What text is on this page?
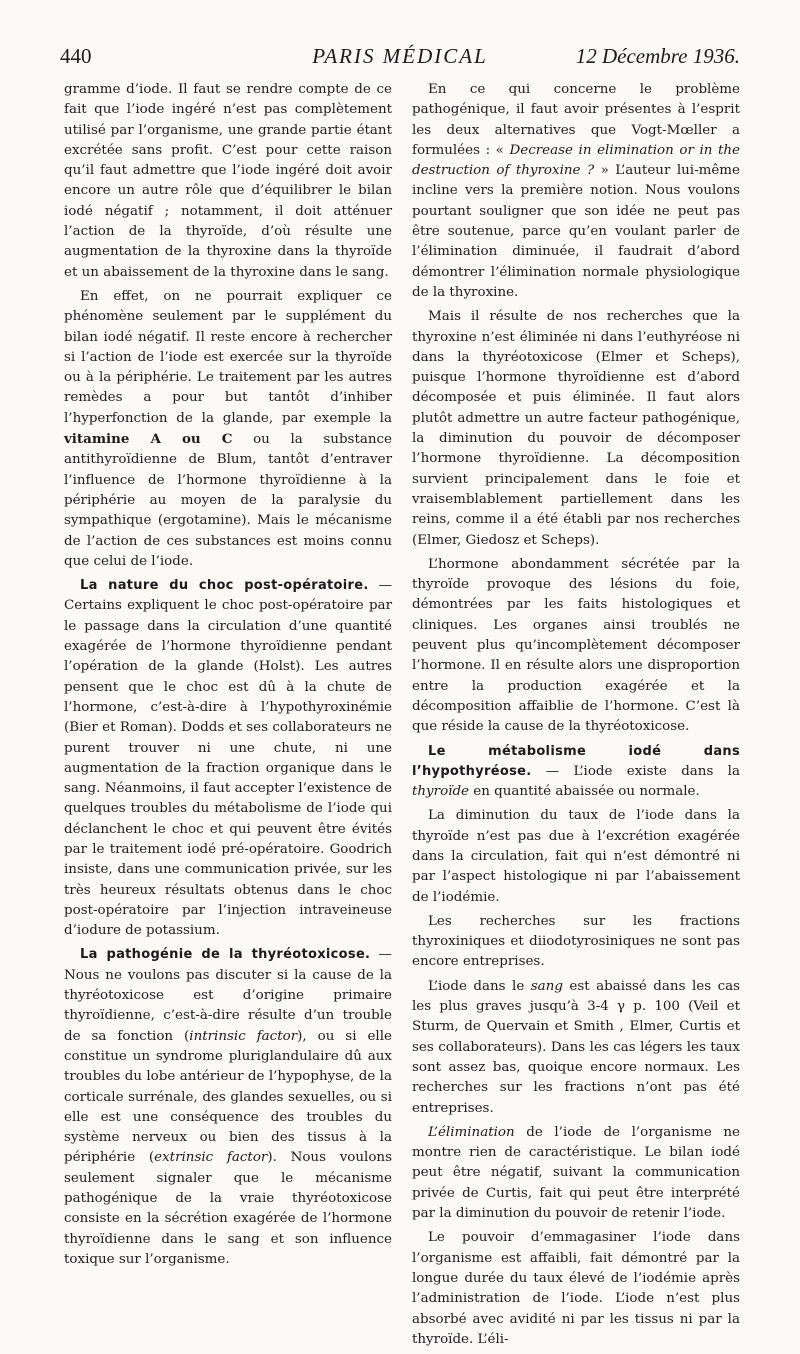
440	PARIS MÉDICAL	12 Décembre 1936.

gramme d’iode. Il faut se rendre compte de ce fait que l’iode ingéré n’est pas complètement utilisé par l’organisme, une grande partie étant excrétée sans profit. C’est pour cette raison qu’il faut admettre que l’iode ingéré doit avoir encore un autre rôle que d’équilibrer le bilan iodé négatif ; notamment, il doit atténuer l’action de la thyroïde, d’où résulte une augmentation de la thyroxine dans la thyroïde et un abaissement de la thyroxine dans le sang.

En effet, on ne pourrait expliquer ce phénomène seulement par le supplément du bilan iodé négatif. Il reste encore à rechercher si l’action de l’iode est exercée sur la thyroïde ou à la périphérie. Le traitement par les autres remèdes a pour but tantôt d’inhiber l’hyperfonction de la glande, par exemple la vitamine A ou C ou la substance antithyroïdienne de Blum, tantôt d’entraver l’influence de l’hormone thyroïdienne à la périphérie au moyen de la paralysie du sympathique (ergotamine). Mais le mécanisme de l’action de ces substances est moins connu que celui de l’iode.

La nature du choc post-opératoire. — Certains expliquent le choc post-opératoire par le passage dans la circulation d’une quantité exagérée de l’hormone thyroïdienne pendant l’opération de la glande (Holst). Les autres pensent que le choc est dû à la chute de l’hormone, c’est-à-dire à l’hypothyroxinémie (Bier et Roman). Dodds et ses collaborateurs ne purent trouver ni une chute, ni une augmentation de la fraction organique dans le sang. Néanmoins, il faut accepter l’existence de quelques troubles du métabolisme de l’iode qui déclanchent le choc et qui peuvent être évités par le traitement iodé pré-opératoire. Goodrich insiste, dans une communication privée, sur les très heureux résultats obtenus dans le choc post-opératoire par l’injection intraveineuse d’iodure de potassium.

La pathogénie de la thyréotoxicose. — Nous ne voulons pas discuter si la cause de la thyréotoxicose est d’origine primaire thyroïdienne, c’est-à-dire résulte d’un trouble de sa fonction (intrinsic factor), ou si elle constitue un syndrome pluriglandulaire dû aux troubles du lobe antérieur de l’hypophyse, de la corticale surrénale, des glandes sexuelles, ou si elle est une conséquence des troubles du système nerveux ou bien des tissus à la périphérie (extrinsic factor). Nous voulons seulement signaler que le mécanisme pathogénique de la vraie thyréotoxicose consiste en la sécrétion exagérée de l’hormone thyroïdienne dans le sang et son influence toxique sur l’organisme.

En ce qui concerne le problème pathogénique, il faut avoir présentes à l’esprit les deux alternatives que Vogt-Mœller a formulées : « Decrease in elimination or in the destruction of thyroxine ? » L’auteur lui-même incline vers la première notion. Nous voulons pourtant souligner que son idée ne peut pas être soutenue, parce qu’en voulant parler de l’élimination diminuée, il faudrait d’abord démontrer l’élimination normale physiologique de la thyroxine.

Mais il résulte de nos recherches que la thyroxine n’est éliminée ni dans l’euthyréose ni dans la thyréotoxicose (Elmer et Scheps), puisque l’hormone thyroïdienne est d’abord décomposée et puis éliminée. Il faut alors plutôt admettre un autre facteur pathogénique, la diminution du pouvoir de décomposer l’hormone thyroïdienne. La décomposition survient principalement dans le foie et vraisemblablement partiellement dans les reins, comme il a été établi par nos recherches (Elmer, Giedosz et Scheps).

L’hormone abondamment sécrétée par la thyroïde provoque des lésions du foie, démontrées par les faits histologiques et cliniques. Les organes ainsi troublés ne peuvent plus qu’incomplètement décomposer l’hormone. Il en résulte alors une disproportion entre la production exagérée et la décomposition affaiblie de l’hormone. C’est là que réside la cause de la thyréotoxicose.

Le métabolisme iodé dans l’hypothyréose. — L’iode existe dans la thyroïde en quantité abaissée ou normale.

La diminution du taux de l’iode dans la thyroïde n’est pas due à l’excrétion exagérée dans la circulation, fait qui n’est démontré ni par l’aspect histologique ni par l’abaissement de l’iodémie.

Les recherches sur les fractions thyroxiniques et diiodotyrosiniques ne sont pas encore entreprises.

L’iode dans le sang est abaissé dans les cas les plus graves jusqu’à 3-4 γ p. 100 (Veil et Sturm, de Quervain et Smith , Elmer, Curtis et ses collaborateurs). Dans les cas légers les taux sont assez bas, quoique encore normaux. Les recherches sur les fractions n’ont pas été entreprises.

L’élimination de l’iode de l’organisme ne montre rien de caractéristique. Le bilan iodé peut être négatif, suivant la communication privée de Curtis, fait qui peut être interprété par la diminution du pouvoir de retenir l’iode.

Le pouvoir d’emmagasiner l’iode dans l’organisme est affaibli, fait démontré par la longue durée du taux élevé de l’iodémie après l’administration de l’iode. L’iode n’est plus absorbé avec avidité ni par les tissus ni par la thyroïde. L’éli-
